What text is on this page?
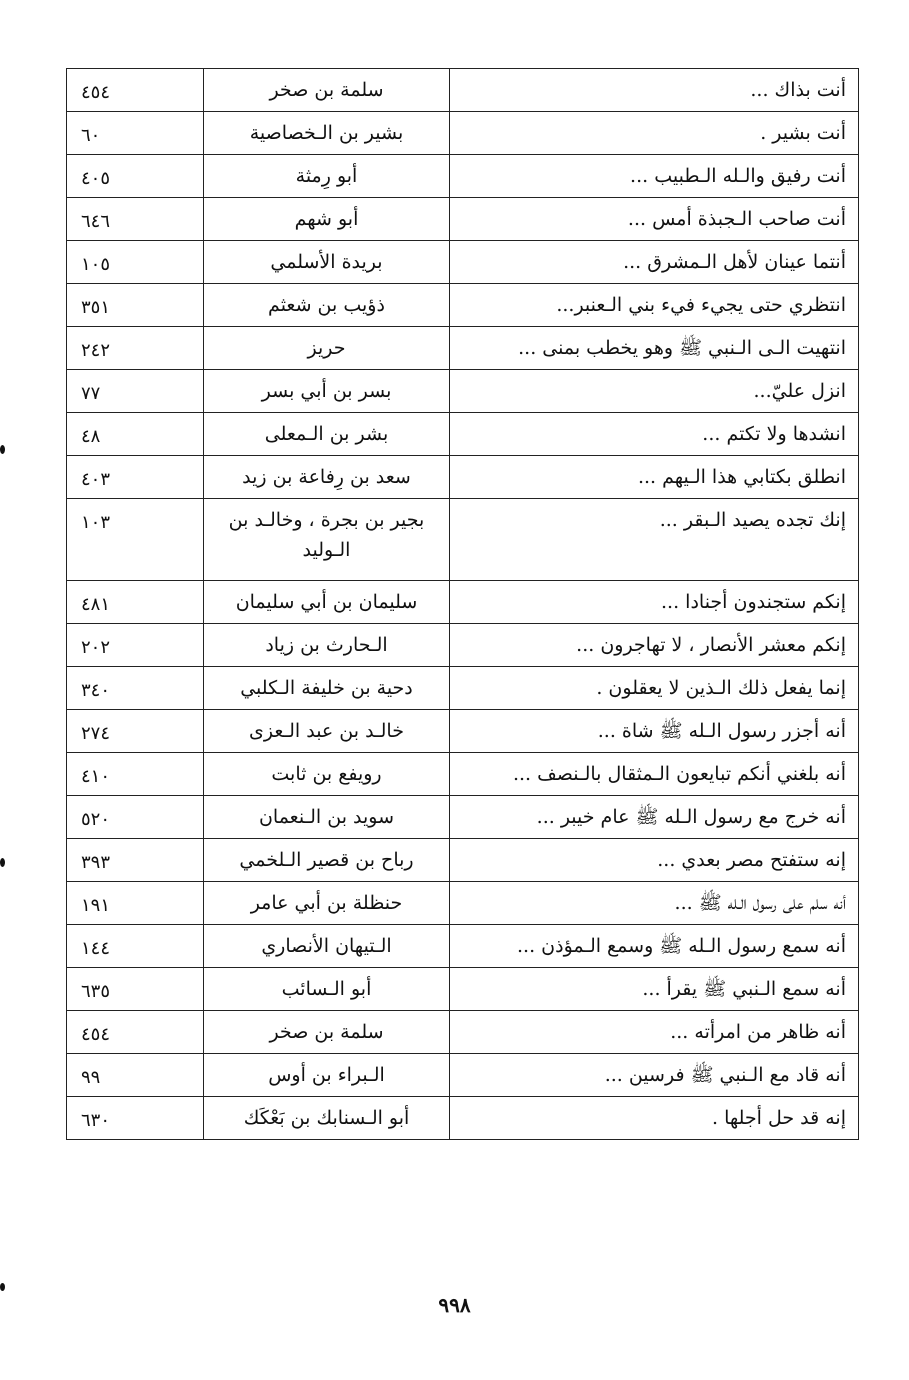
٤٥٤	سلمة بن صخر	أنت بذاك ...
٦٠	بشير بن الـخصاصية	أنت بشير .
٤٠٥	أبو رِمثة	أنت رفيق والـله الـطبيب ...
٦٤٦	أبو شهم	أنت صاحب الـجبذة أمس ...
١٠٥	بريدة الأسلمي	أنتما عينان لأهل الـمشرق ...
٣٥١	ذؤيب بن شعثم	انتظري حتى يجيء فيء بني الـعنبر...
٢٤٢	حريز	انتهيت الـى الـنبي ﷺ وهو يخطب بمنى ...
٧٧	بسر بن أبي بسر	انزل عليّ...
٤٨	بشر بن الـمعلى	انشدها ولا تكتم ...
٤٠٣	سعد بن رِفاعة بن زيد	انطلق بكتابي هذا الـيهم ...
١٠٣	بجير بن بجرة ، وخالـد بن الـوليد	إنك تجده يصيد الـبقر ...
٤٨١	سليمان بن أبي سليمان	إنكم ستجندون أجنادا ...
٢٠٢	الـحارث بن زياد	إنكم معشر الأنصار ، لا تهاجرون ...
٣٤٠	دحية بن خليفة الـكلبي	إنما يفعل ذلك الـذين لا يعقلون .
٢٧٤	خالـد بن عبد الـعزى	أنه أجزر رسول الـله ﷺ شاة ...
٤١٠	رويفع بن ثابت	أنه بلغني أنكم تبايعون الـمثقال بالـنصف ...
٥٢٠	سويد بن الـنعمان	أنه خرج مع رسول الـله ﷺ عام خيبر ...
٣٩٣	رباح بن قصير الـلخمي	إنه ستفتح مصر بعدي ...
١٩١	حنظلة بن أبي عامر	أنه سلم على رسول الـله ﷺ ...
١٤٤	الـتيهان الأنصاري	أنه سمع رسول الـله ﷺ وسمع الـمؤذن ...
٦٣٥	أبو الـسائب	أنه سمع الـنبي ﷺ يقرأ ...
٤٥٤	سلمة بن صخر	أنه ظاهر من امرأته ...
٩٩	الـبراء بن أوس	أنه قاد مع الـنبي ﷺ فرسين ...
٦٣٠	أبو الـسنابك بن بَعْكَك	إنه قد حل أجلها .
٩٩٨
